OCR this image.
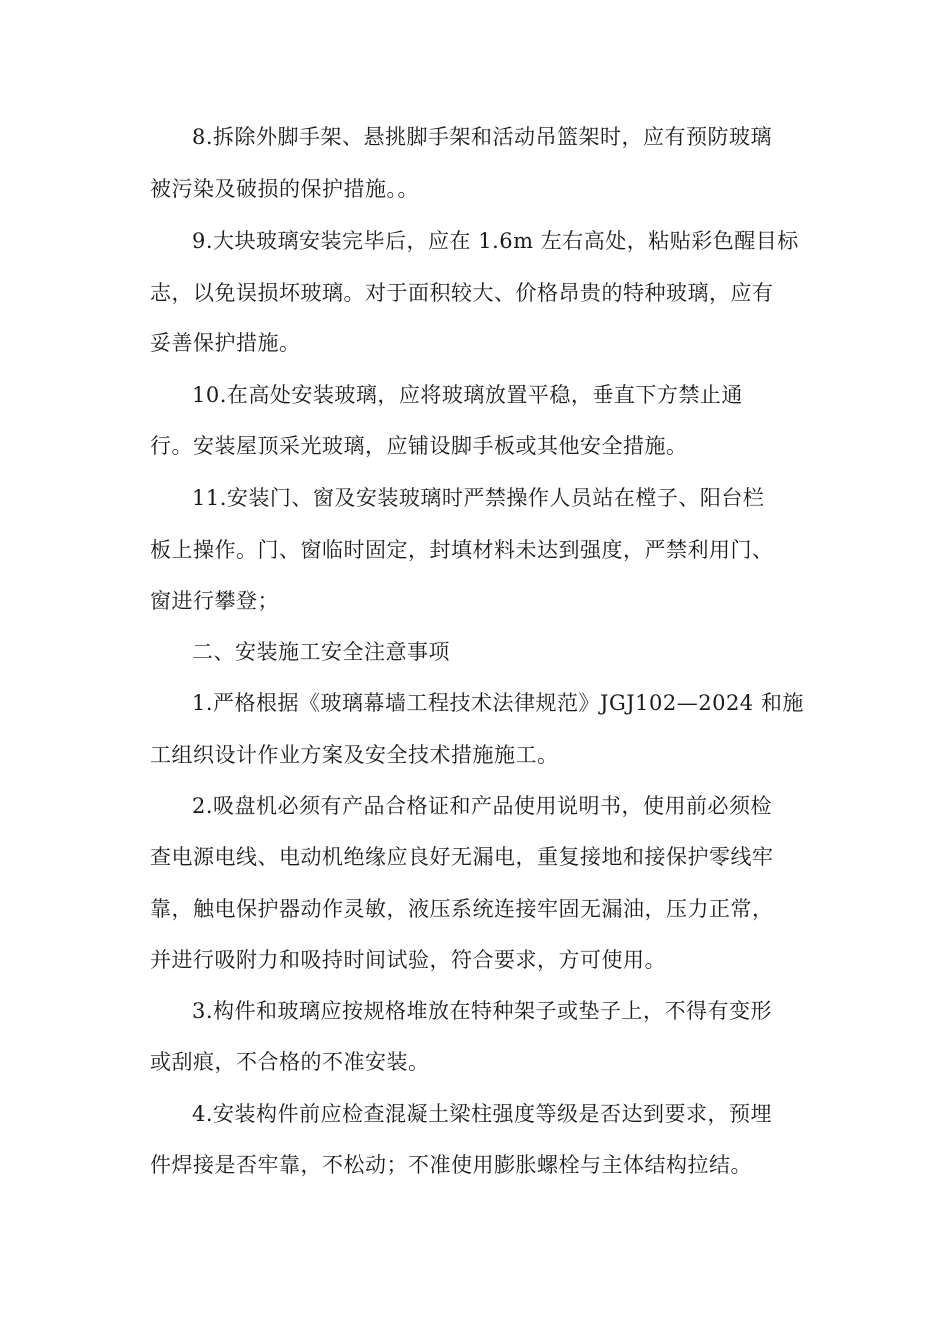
8.拆除外脚手架、悬挑脚手架和活动吊篮架时，应有预防玻璃
被污染及破损的保护措施。。
9.大块玻璃安装完毕后，应在 1.6m 左右高处，粘贴彩色醒目标
志，以免误损坏玻璃。对于面积较大、价格昂贵的特种玻璃，应有
妥善保护措施。
10.在高处安装玻璃，应将玻璃放置平稳，垂直下方禁止通
行。安装屋顶采光玻璃，应铺设脚手板或其他安全措施。
11.安装门、窗及安装玻璃时严禁操作人员站在樘子、阳台栏
板上操作。门、窗临时固定，封填材料未达到强度，严禁利用门、
窗进行攀登；
二、安装施工安全注意事项
1.严格根据《玻璃幕墙工程技术法律规范》JGJ102—2024 和施
工组织设计作业方案及安全技术措施施工。
2.吸盘机必须有产品合格证和产品使用说明书，使用前必须检
查电源电线、电动机绝缘应良好无漏电，重复接地和接保护零线牢
靠，触电保护器动作灵敏，液压系统连接牢固无漏油，压力正常，
并进行吸附力和吸持时间试验，符合要求，方可使用。
3.构件和玻璃应按规格堆放在特种架子或垫子上，不得有变形
或刮痕，不合格的不准安装。
4.安装构件前应检查混凝土梁柱强度等级是否达到要求，预埋
件焊接是否牢靠，不松动；不准使用膨胀螺栓与主体结构拉结。
